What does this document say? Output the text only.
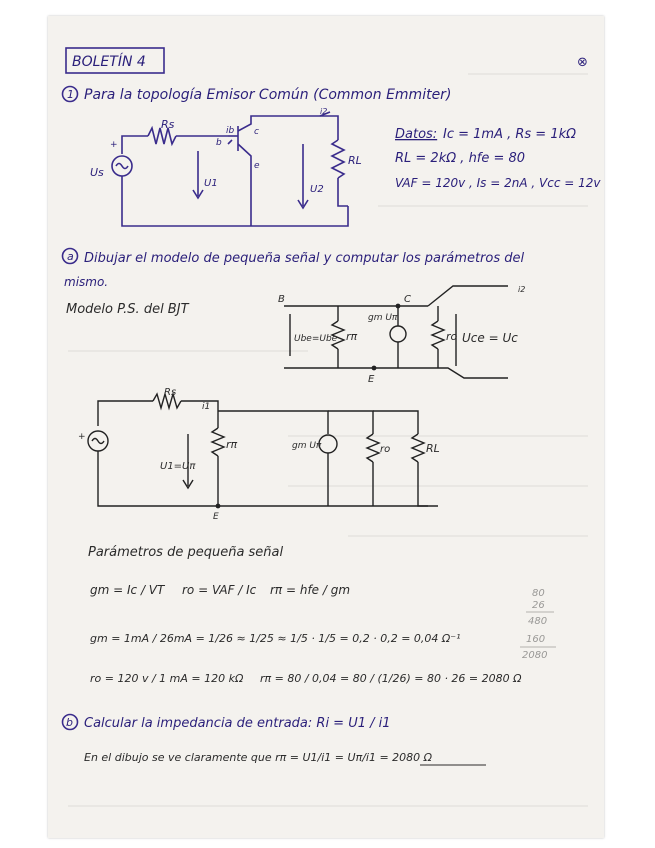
BOLETÍN 4	⊗
1 Para la topología Emisor Común (Common Emmiter)
Rs	ib
b
c
e
i2
RL
Us
+
U1
U2
Datos: Ic = 1mA , Rs = 1kΩ
RL = 2kΩ , hfe = 80
VAF = 120v , Is = 2nA , Vcc = 12v
a Dibujar el modelo de pequeña señal y computar los parámetros del
mismo.
Modelo P.S. del BJT
B	C
E
Ube=Ube rπ
gm Uπ
ro Uce = Uc
i2
Rs
i1
rπ	gm Uπ	ro	RL
U1=Uπ
E
+
Parámetros de pequeña señal
gm = Ic / VT ro = VAF / Ic rπ = hfe / gm
gm = 1mA / 26mA = 1/26 ≈ 1/25 ≈ 1/5 · 1/5 = 0,2 · 0,2 = 0,04 Ω⁻¹
ro = 120 v / 1 mA = 120 kΩ rπ = 80 / 0,04 = 80 / (1/26) = 80 · 26 = 2080 Ω
80
26
480
160
2080
b Calcular la impedancia de entrada: Ri = U1 / i1
En el dibujo se ve claramente que rπ = U1/i1 = Uπ/i1 = 2080 Ω
